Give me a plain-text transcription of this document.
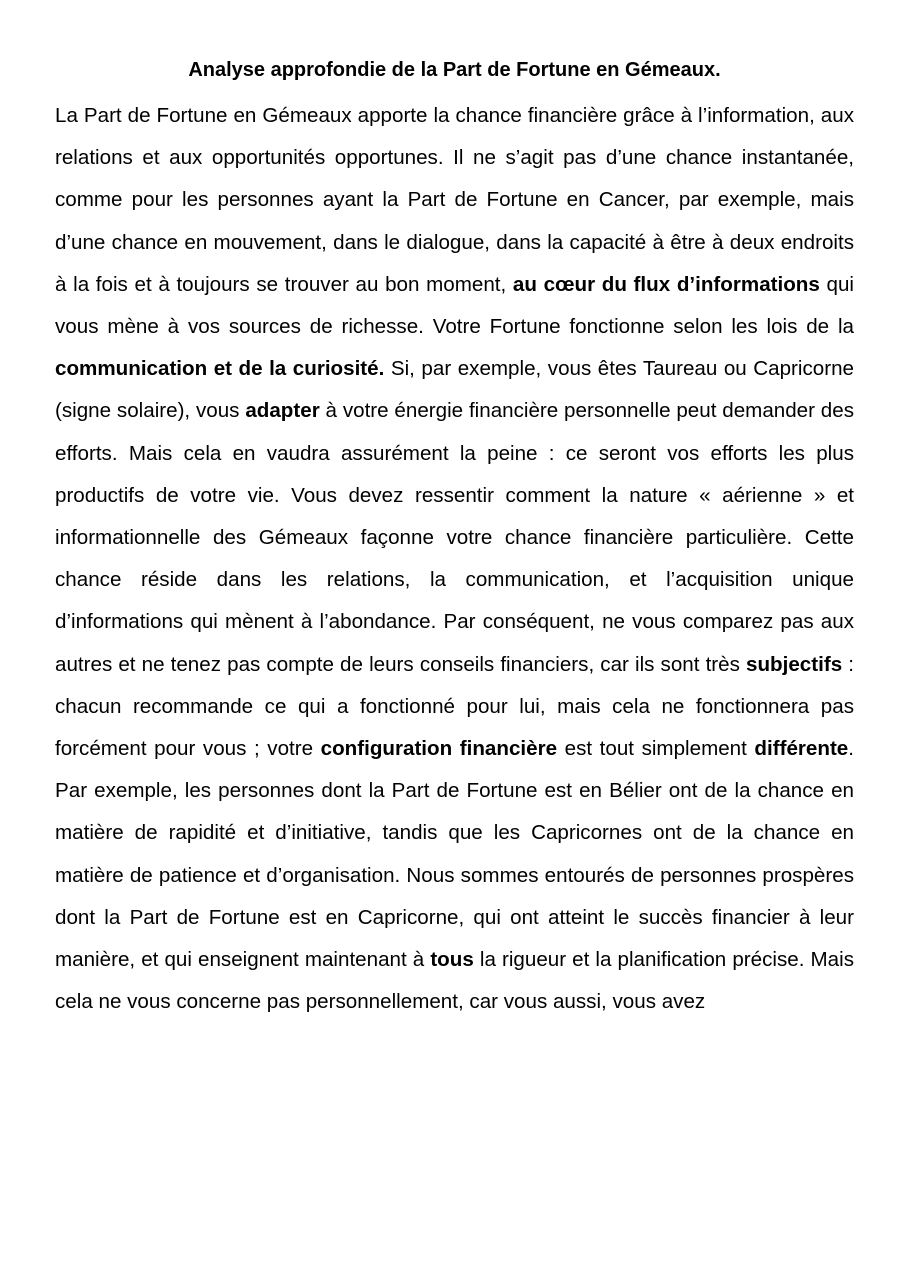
Analyse approfondie de la Part de Fortune en Gémeaux.

La Part de Fortune en Gémeaux apporte la chance financière grâce à l’information, aux relations et aux opportunités opportunes. Il ne s’agit pas d’une chance instantanée, comme pour les personnes ayant la Part de Fortune en Cancer, par exemple, mais d’une chance en mouvement, dans le dialogue, dans la capacité à être à deux endroits à la fois et à toujours se trouver au bon moment, au cœur du flux d’informations qui vous mène à vos sources de richesse. Votre Fortune fonctionne selon les lois de la communication et de la curiosité. Si, par exemple, vous êtes Taureau ou Capricorne (signe solaire), vous adapter à votre énergie financière personnelle peut demander des efforts. Mais cela en vaudra assurément la peine : ce seront vos efforts les plus productifs de votre vie. Vous devez ressentir comment la nature « aérienne » et informationnelle des Gémeaux façonne votre chance financière particulière. Cette chance réside dans les relations, la communication, et l’acquisition unique d’informations qui mènent à l’abondance. Par conséquent, ne vous comparez pas aux autres et ne tenez pas compte de leurs conseils financiers, car ils sont très subjectifs : chacun recommande ce qui a fonctionné pour lui, mais cela ne fonctionnera pas forcément pour vous ; votre configuration financière est tout simplement différente. Par exemple, les personnes dont la Part de Fortune est en Bélier ont de la chance en matière de rapidité et d’initiative, tandis que les Capricornes ont de la chance en matière de patience et d’organisation. Nous sommes entourés de personnes prospères dont la Part de Fortune est en Capricorne, qui ont atteint le succès financier à leur manière, et qui enseignent maintenant à tous la rigueur et la planification précise. Mais cela ne vous concerne pas personnellement, car vous aussi, vous avez
